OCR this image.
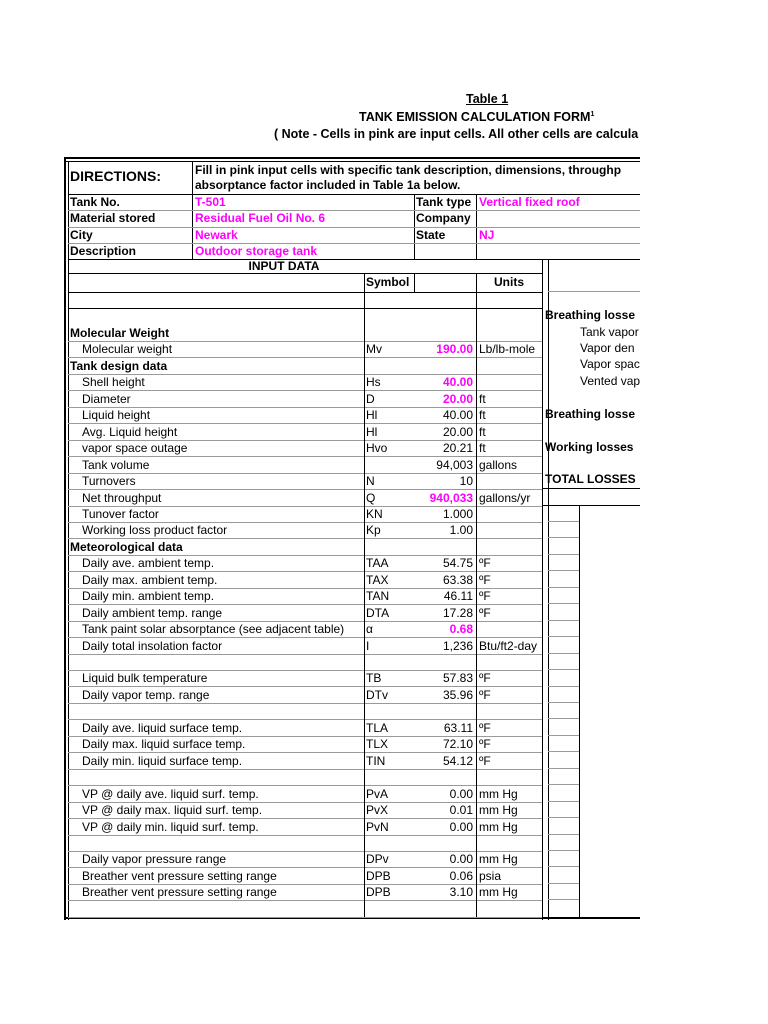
Table 1
TANK EMISSION CALCULATION FORM$^1$
( Note - Cells in pink are input cells. All other cells are calcula
DIRECTIONS:	Fill in pink input cells with specific tank description, dimensions, throughp
absorptance factor included in Table 1a below.
Tank No.	T-501	Tank type Vertical fixed roof
Material stored	Residual Fuel Oil No. 6	Company
City	Newark	State	NJ
Description	Outdoor storage tank
INPUT DATA
Symbol	Units
Molecular Weight
Molecular weight	Mv	190.00 Lb/lb-mole
Tank design data
Shell height	Hs	40.00
Diameter	D	20.00 ft
Liquid height	Hl	40.00 ft
Avg. Liquid height	Hl	20.00 ft
vapor space outage	Hvo	20.21 ft
Tank volume	94,003 gallons
Turnovers	N	10
Net throughput	Q	940,033 gallons/yr
Tunover factor	KN	1.000
Working loss product factor	Kp	1.00
Meteorological data
Daily ave. ambient temp.	TAA	54.75 ºF
Daily max. ambient temp.	TAX	63.38 ºF
Daily min. ambient temp.	TAN	46.11 ºF
Daily ambient temp. range	DTA	17.28 ºF
Tank paint solar absorptance (see adjacent table) α	0.68
Daily total insolation factor	I	1,236 Btu/ft2-day
Liquid bulk temperature	TB	57.83 ºF
Daily vapor temp. range	DTv	35.96 ºF
Daily ave. liquid surface temp.	TLA	63.11 ºF
Daily max. liquid surface temp.	TLX	72.10 ºF
Daily min. liquid surface temp.	TIN	54.12 ºF
VP @ daily ave. liquid surf. temp.	PvA	0.00 mm Hg
VP @ daily max. liquid surf. temp.	PvX	0.01 mm Hg
VP @ daily min. liquid surf. temp.	PvN	0.00 mm Hg
Daily vapor pressure range	DPv	0.00 mm Hg
Breather vent pressure setting range	DPB	0.06 psia
Breather vent pressure setting range	DPB	3.10 mm Hg
Breathing losse
Tank vapor
Vapor den
Vapor spac
Vented vap
Breathing losse
Working losses
TOTAL LOSSES
